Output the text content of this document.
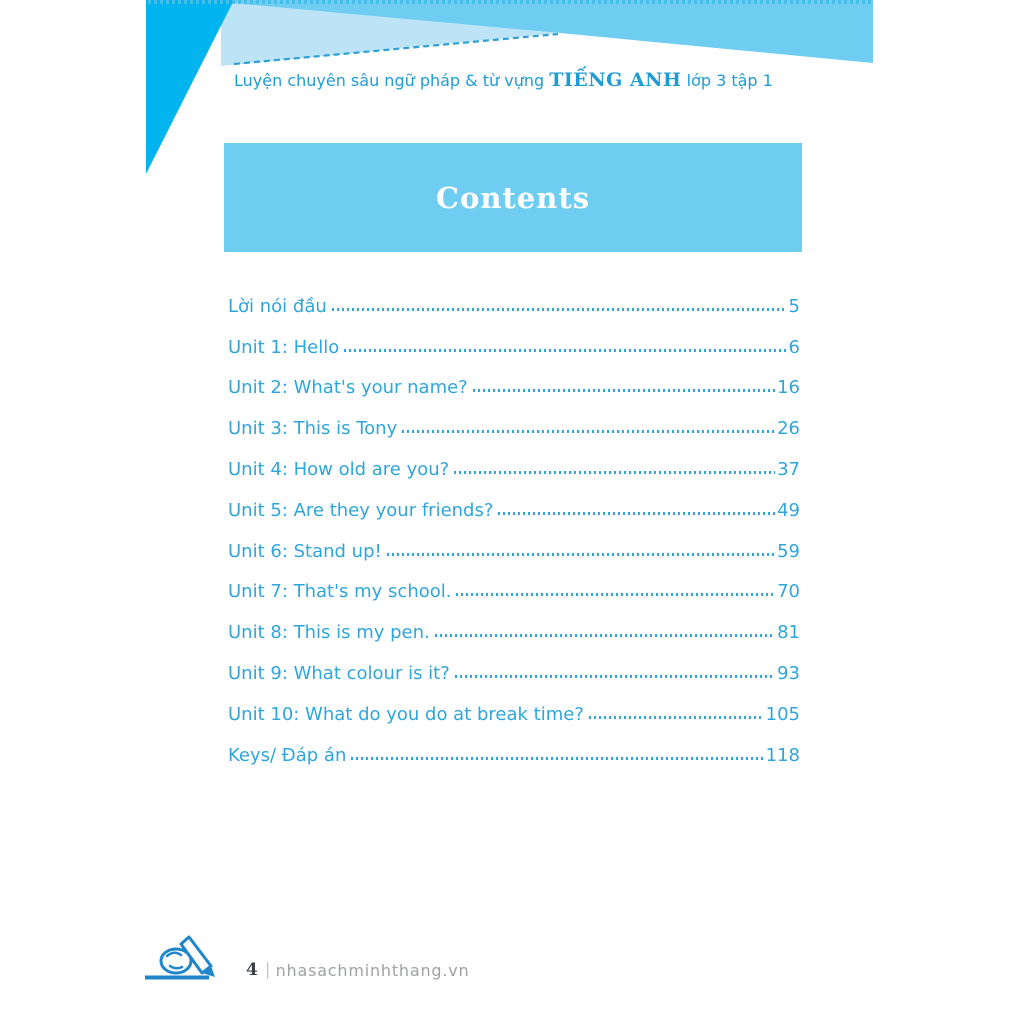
Luyện chuyên sâu ngữ pháp & từ vựng TIẾNG ANH lớp 3 tập 1
Contents
Lời nói đầu	5
Unit 1: Hello	6
Unit 2: What's your name?	16
Unit 3: This is Tony	26
Unit 4: How old are you?	37
Unit 5: Are they your friends?	49
Unit 6: Stand up!	59
Unit 7: That's my school.	70
Unit 8: This is my pen.	81
Unit 9: What colour is it?	93
Unit 10: What do you do at break time?	105
Keys/ Đáp án	118
4 | nhasachminhthang.vn
